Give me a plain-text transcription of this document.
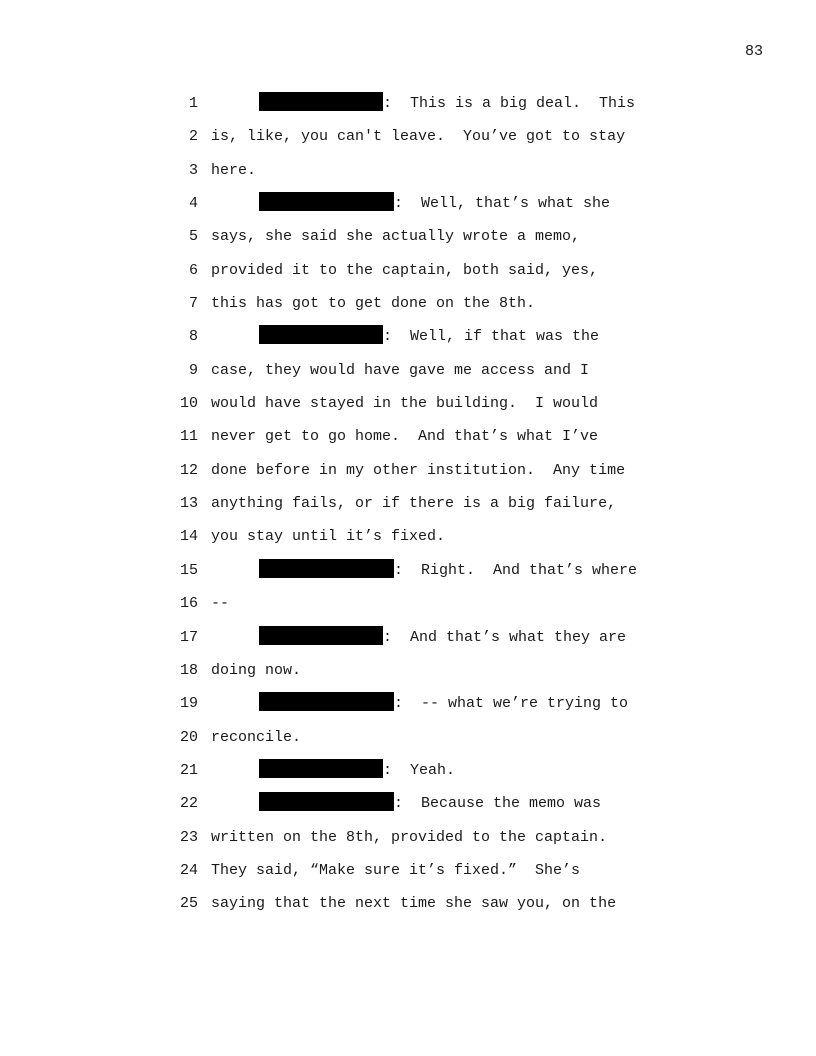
83
1	:  This is a big deal.  This
2 is, like, you can't leave.  You’ve got to stay
3 here.
4	:  Well, that’s what she
5 says, she said she actually wrote a memo,
6 provided it to the captain, both said, yes,
7 this has got to get done on the 8th.
8	:  Well, if that was the
9 case, they would have gave me access and I
10 would have stayed in the building.  I would
11 never get to go home.  And that’s what I’ve
12 done before in my other institution.  Any time
13 anything fails, or if there is a big failure,
14 you stay until it’s fixed.
15	:  Right.  And that’s where
16 --
17	:  And that’s what they are
18 doing now.
19	:  -- what we’re trying to
20 reconcile.
21	:  Yeah.
22	:  Because the memo was
23 written on the 8th, provided to the captain.
24 They said, “Make sure it’s fixed.”  She’s
25 saying that the next time she saw you, on the
